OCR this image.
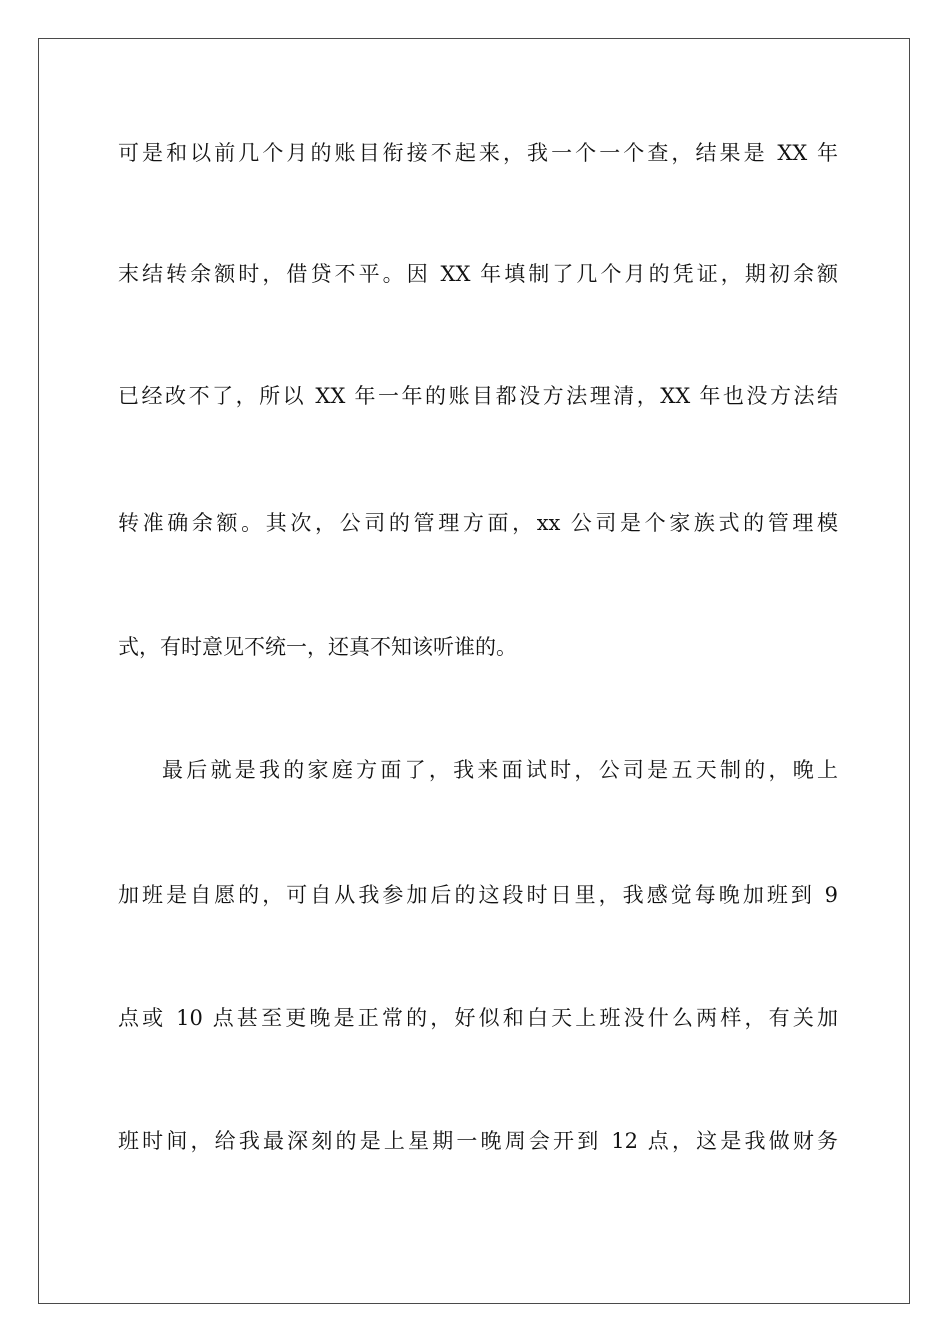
可是和以前几个月的账目衔接不起来，我一个一个查，结果是 XX 年
末结转余额时，借贷不平。因 XX 年填制了几个月的凭证，期初余额
已经改不了，所以 XX 年一年的账目都没方法理清，XX 年也没方法结
转准确余额。其次，公司的管理方面，xx 公司是个家族式的管理模
式，有时意见不统一，还真不知该听谁的。
最后就是我的家庭方面了，我来面试时，公司是五天制的，晚上
加班是自愿的，可自从我参加后的这段时日里，我感觉每晚加班到 9
点或 10 点甚至更晚是正常的，好似和白天上班没什么两样，有关加
班时间，给我最深刻的是上星期一晚周会开到 12 点，这是我做财务
